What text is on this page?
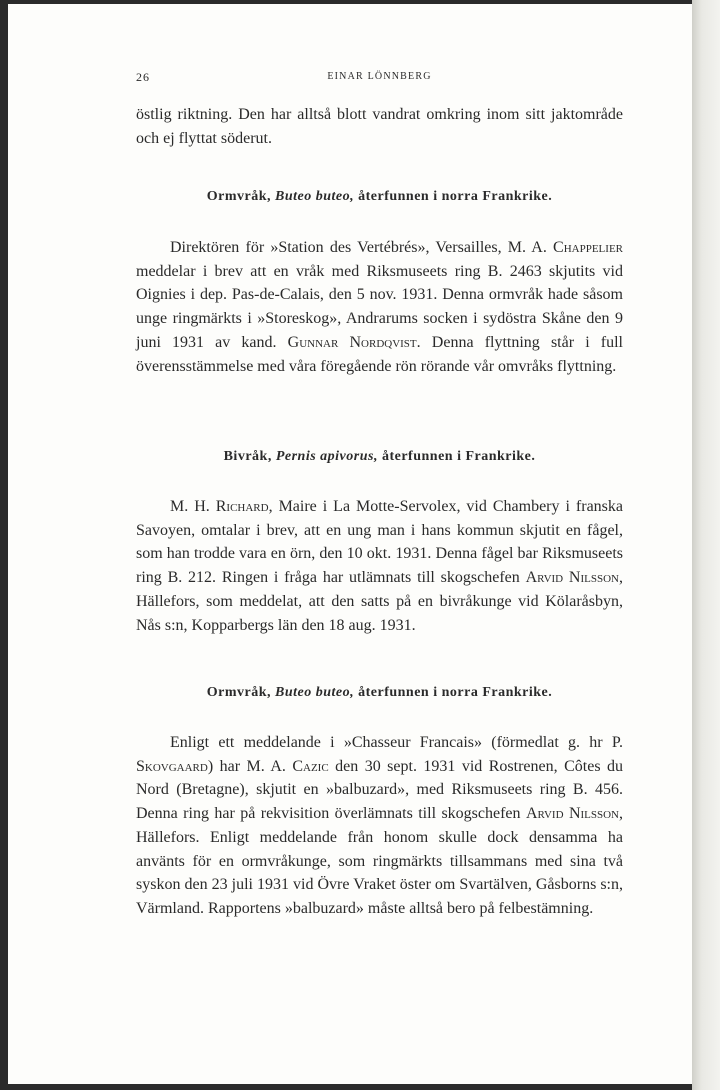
26	EINAR LÖNNBERG

östlig riktning. Den har alltså blott vandrat omkring inom sitt jaktområde och ej flyttat söderut.

Ormvråk, Buteo buteo, återfunnen i norra Frankrike.

Direktören för »Station des Vertébrés», Versailles, M. A. Chappelier meddelar i brev att en vråk med Riksmuseets ring B. 2463 skjutits vid Oignies i dep. Pas-de-Calais, den 5 nov. 1931. Denna ormvråk hade såsom unge ringmärkts i »Storeskog», Andrarums socken i sydöstra Skåne den 9 juni 1931 av kand. Gunnar Nordqvist. Denna flyttning står i full överensstämmelse med våra föregående rön rörande vår omvråks flyttning.

Bivråk, Pernis apivorus, återfunnen i Frankrike.

M. H. Richard, Maire i La Motte-Servolex, vid Chambery i franska Savoyen, omtalar i brev, att en ung man i hans kommun skjutit en fågel, som han trodde vara en örn, den 10 okt. 1931. Denna fågel bar Riksmuseets ring B. 212. Ringen i fråga har utlämnats till skogschefen Arvid Nilsson, Hällefors, som meddelat, att den satts på en bivråkunge vid Kölaråsbyn, Nås s:n, Kopparbergs län den 18 aug. 1931.

Ormvråk, Buteo buteo, återfunnen i norra Frankrike.

Enligt ett meddelande i »Chasseur Francais» (förmedlat g. hr P. Skovgaard) har M. A. Cazic den 30 sept. 1931 vid Rostrenen, Côtes du Nord (Bretagne), skjutit en »balbuzard», med Riksmuseets ring B. 456. Denna ring har på rekvisition överlämnats till skogschefen Arvid Nilsson, Hällefors. Enligt meddelande från honom skulle dock densamma ha använts för en ormvråkunge, som ringmärkts tillsammans med sina två syskon den 23 juli 1931 vid Övre Vraket öster om Svartälven, Gåsborns s:n, Värmland. Rapportens »balbuzard» måste alltså bero på felbestämning.
